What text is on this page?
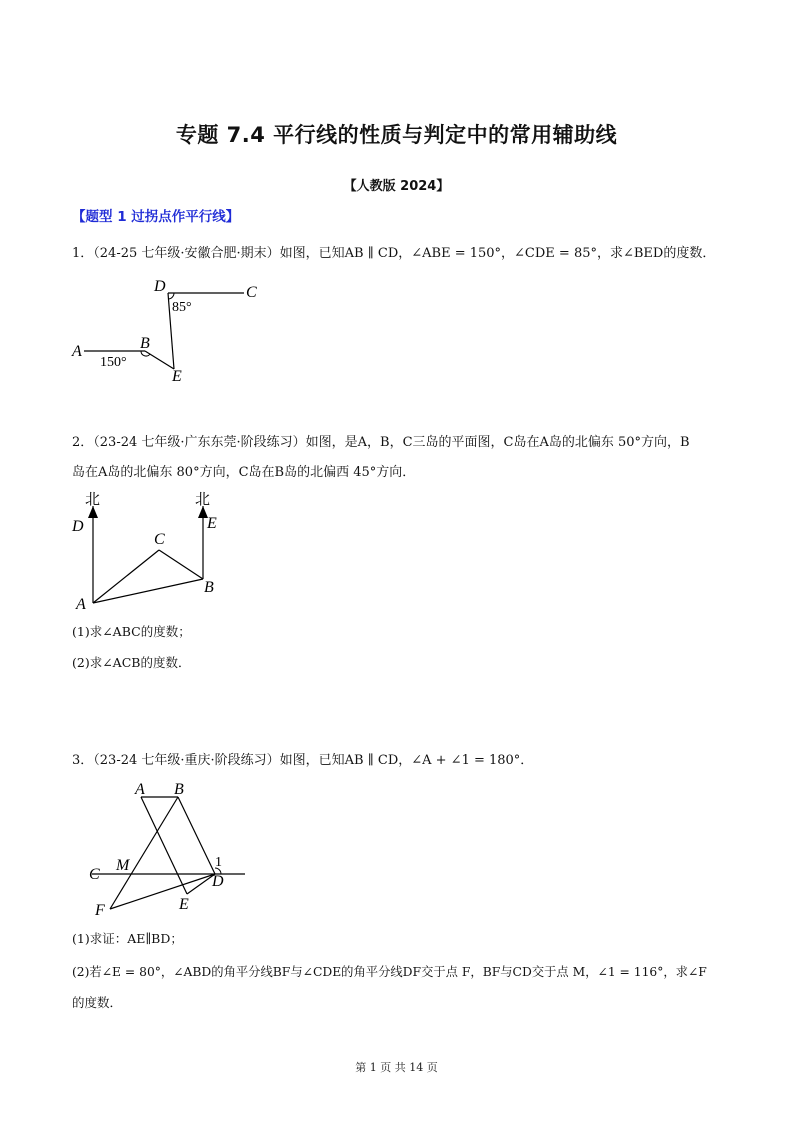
专题 7.4 平行线的性质与判定中的常用辅助线
【人教版 2024】
【题型 1 过拐点作平行线】
1．（24-25 七年级·安徽合肥·期末）如图，已知AB ∥ CD，∠ABE = 150°，∠CDE = 85°，求∠BED的度数．
D	C
85°
A	B
150°
E
2．（23-24 七年级·广东东莞·阶段练习）如图，是A，B，C三岛的平面图，C岛在A岛的北偏东 50°方向，B
岛在A岛的北偏东 80°方向，C岛在B岛的北偏西 45°方向．
北	北
D	E
C
B
A
(1)求∠ABC的度数；
(2)求∠ACB的度数．
3．（23-24 七年级·重庆·阶段练习）如图，已知AB ∥ CD，∠A + ∠1 = 180°．
A B
C
M	1
D
E
F
(1)求证：AE∥BD；
(2)若∠E = 80°，∠ABD的角平分线BF与∠CDE的角平分线DF交于点 F，BF与CD交于点 M，∠1 = 116°，求∠F
的度数．
第 1 页 共 14 页
